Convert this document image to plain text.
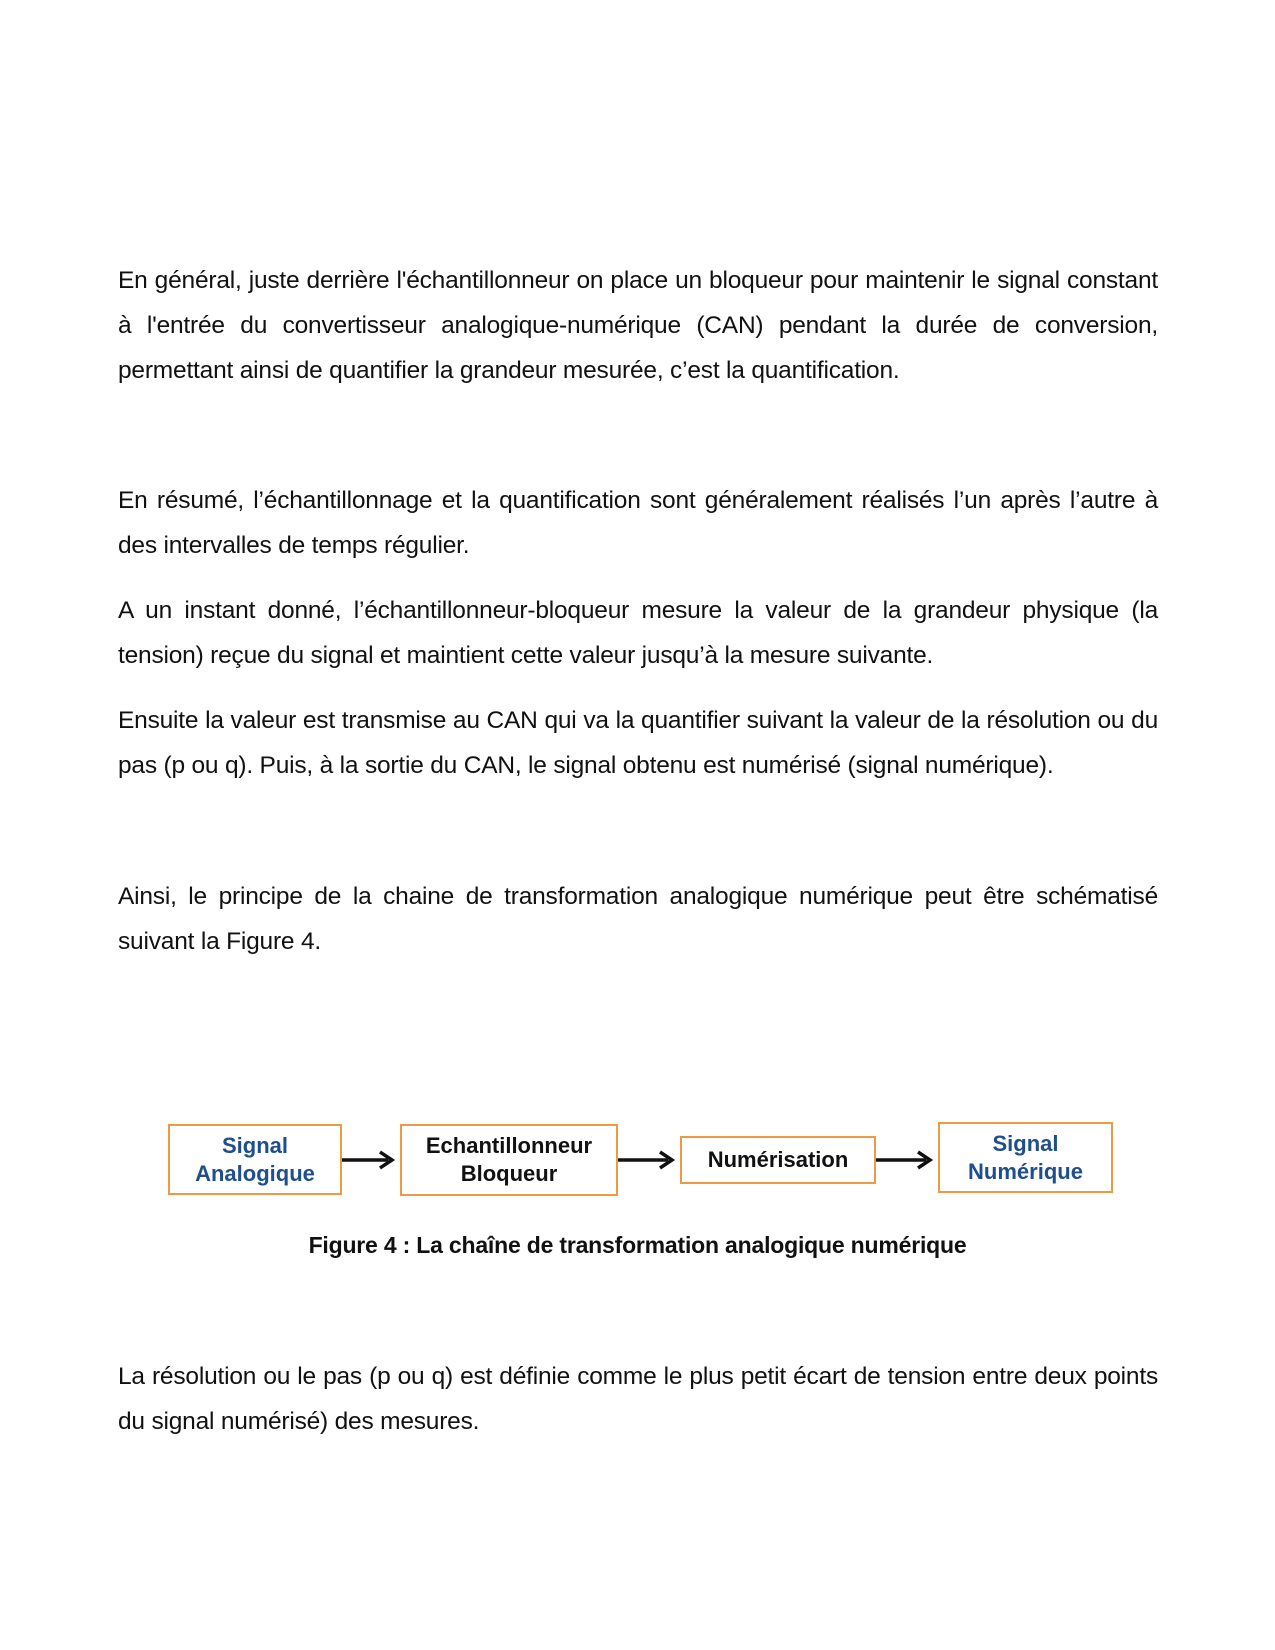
En général, juste derrière l'échantillonneur on place un bloqueur pour maintenir le signal constant à l'entrée du convertisseur analogique-numérique (CAN) pendant la durée de conversion, permettant ainsi de quantifier la grandeur mesurée, c’est la quantification.

En résumé, l’échantillonnage et la quantification sont généralement réalisés l’un après l’autre à des intervalles de temps régulier.

A un instant donné, l’échantillonneur-bloqueur mesure la valeur de la grandeur physique (la tension) reçue du signal et maintient cette valeur jusqu’à la mesure suivante.

Ensuite la valeur est transmise au CAN qui va la quantifier suivant la valeur de la résolution ou du pas (p ou q). Puis, à la sortie du CAN, le signal obtenu est numérisé (signal numérique).

Ainsi, le principe de la chaine de transformation analogique numérique peut être schématisé suivant la Figure 4.

Signal
Analogique
Echantillonneur
Bloqueur
Numérisation
Signal
Numérique
Figure 4 : La chaîne de transformation analogique numérique

La résolution ou le pas (p ou q) est définie comme le plus petit écart de tension entre deux points du signal numérisé) des mesures.
